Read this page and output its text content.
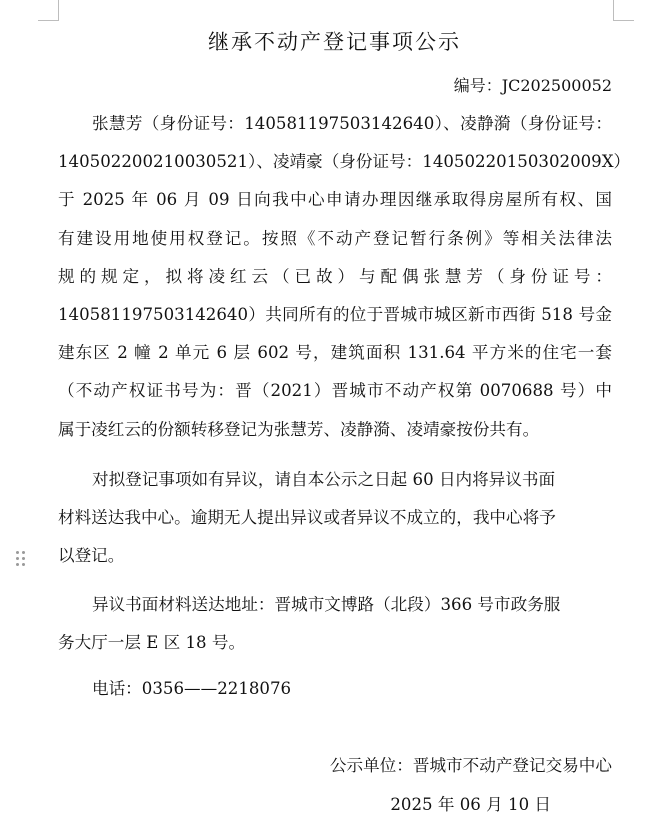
继承不动产登记事项公示
编号：JC202500052
张慧芳（身份证号：140581197503142640）、凌静漪（身份证号：
140502200210030521）、凌靖豪（身份证号：14050220150302009X）
于 2025 年 06 月 09 日向我中心申请办理因继承取得房屋所有权、国
有建设用地使用权登记。按照《不动产登记暂行条例》等相关法律法
规的规定，拟将凌红云（已故）与配偶张慧芳（身份证号：
140581197503142640）共同所有的位于晋城市城区新市西街 518 号金
建东区 2 幢 2 单元 6 层 602 号，建筑面积 131.64 平方米的住宅一套
（不动产权证书号为：晋（2021）晋城市不动产权第 0070688 号）中
属于凌红云的份额转移登记为张慧芳、凌静漪、凌靖豪按份共有。
对拟登记事项如有异议，请自本公示之日起 60 日内将异议书面
材料送达我中心。逾期无人提出异议或者异议不成立的，我中心将予
以登记。
异议书面材料送达地址：晋城市文博路（北段）366 号市政务服
务大厅一层 E 区 18 号。
电话：0356——2218076
公示单位：晋城市不动产登记交易中心
2025 年 06 月 10 日
